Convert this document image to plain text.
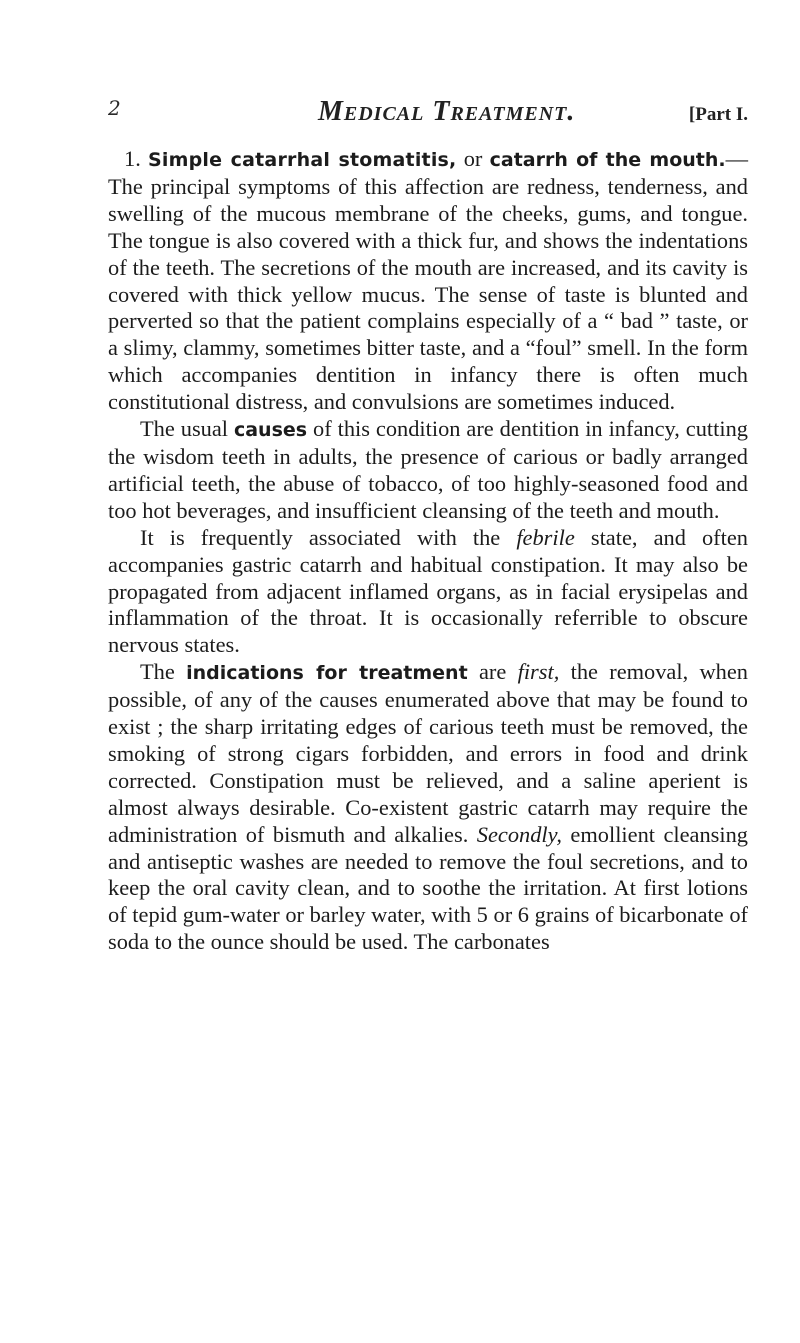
2	Medical Treatment.	[Part I.

1. Simple catarrhal stomatitis, or catarrh of the mouth.—The principal symptoms of this affection are redness, tenderness, and swelling of the mucous membrane of the cheeks, gums, and tongue. The tongue is also covered with a thick fur, and shows the indentations of the teeth. The secretions of the mouth are increased, and its cavity is covered with thick yellow mucus. The sense of taste is blunted and perverted so that the patient complains especially of a “ bad ” taste, or a slimy, clammy, sometimes bitter taste, and a “foul” smell. In the form which accompanies dentition in infancy there is often much constitutional distress, and convulsions are sometimes induced.

The usual causes of this condition are dentition in infancy, cutting the wisdom teeth in adults, the presence of carious or badly arranged artificial teeth, the abuse of tobacco, of too highly-seasoned food and too hot beverages, and insufficient cleansing of the teeth and mouth.

It is frequently associated with the febrile state, and often accompanies gastric catarrh and habitual constipation. It may also be propagated from adjacent inflamed organs, as in facial erysipelas and inflammation of the throat. It is occasionally referrible to obscure nervous states.

The indications for treatment are first, the removal, when possible, of any of the causes enumerated above that may be found to exist ; the sharp irritating edges of carious teeth must be removed, the smoking of strong cigars forbidden, and errors in food and drink corrected. Constipation must be relieved, and a saline aperient is almost always desirable. Co-existent gastric catarrh may require the administration of bismuth and alkalies. Secondly, emollient cleansing and antiseptic washes are needed to remove the foul secretions, and to keep the oral cavity clean, and to soothe the irritation. At first lotions of tepid gum-water or barley water, with 5 or 6 grains of bicarbonate of soda to the ounce should be used. The carbonates
